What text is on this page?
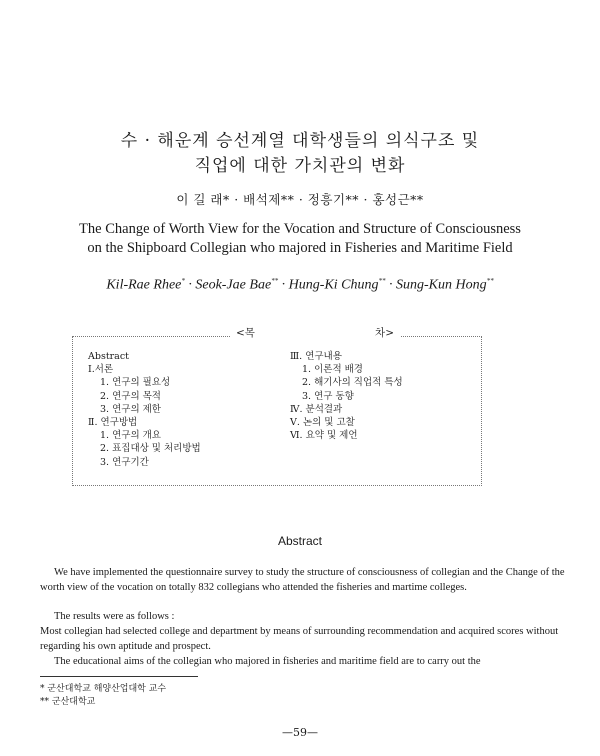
수 · 해운계 승선계열 대학생들의 의식구조 및
직업에 대한 가치관의 변화
이 길 래* · 배석제** · 정흥기** · 홍성근**
The Change of Worth View for the Vocation and Structure of Consciousness
on the Shipboard Collegian who majored in Fisheries and Maritime Field
Kil-Rae Rhee* · Seok-Jae Bae** · Hung-Ki Chung** · Sung-Kun Hong**
<목	차>
Abstract
Ⅰ.서론
1. 연구의 필요성
2. 연구의 목적
3. 연구의 제한
Ⅱ. 연구방법
1. 연구의 개요
2. 표집대상 및 처리방법
3. 연구기간
Ⅲ. 연구내용
1. 이론적 배경
2. 해기사의 직업적 특성
3. 연구 동향
Ⅳ. 분석결과
Ⅴ. 논의 및 고찰
Ⅵ. 요약 및 제언
Abstract
We have implemented the questionnaire survey to study the structure of consciousness of collegian and the Change of the worth view of the vocation on totally 832 collegians who attended the fisheries and martime colleges.
The results were as follows :
Most collegian had selected college and department by means of surrounding recommendation and acquired scores without regarding his own aptitude and prospect.
The educational aims of the collegian who majored in fisheries and maritime field are to carry out the
* 군산대학교 해양산업대학 교수
** 군산대학교
—59—
